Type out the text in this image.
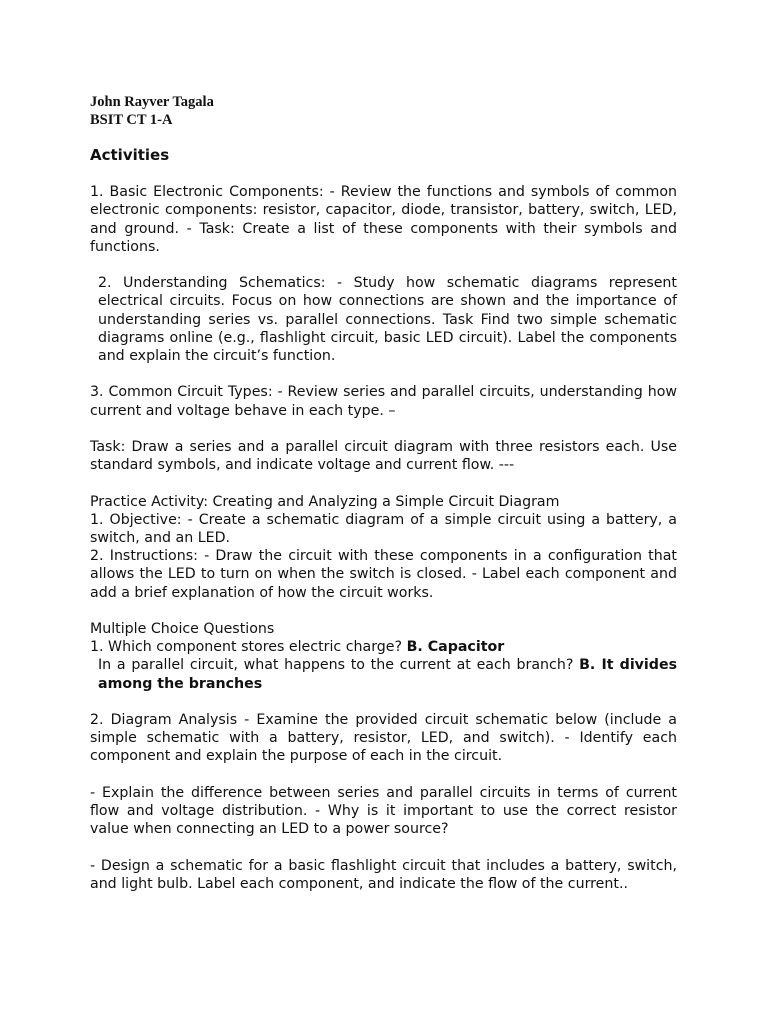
John Rayver Tagala

BSIT CT 1-A

Activities

1. Basic Electronic Components: - Review the functions and symbols of common electronic components: resistor, capacitor, diode, transistor, battery, switch, LED, and ground. - Task: Create a list of these components with their symbols and functions.

2. Understanding Schematics: - Study how schematic diagrams represent electrical circuits. Focus on how connections are shown and the importance of understanding series vs. parallel connections. Task Find two simple schematic diagrams online (e.g., flashlight circuit, basic LED circuit). Label the components and explain the circuit’s function.

3. Common Circuit Types: - Review series and parallel circuits, understanding how current and voltage behave in each type. –

Task: Draw a series and a parallel circuit diagram with three resistors each. Use standard symbols, and indicate voltage and current flow. ---

Practice Activity: Creating and Analyzing a Simple Circuit Diagram

1. Objective: - Create a schematic diagram of a simple circuit using a battery, a switch, and an LED.

2. Instructions: - Draw the circuit with these components in a configuration that allows the LED to turn on when the switch is closed. - Label each component and add a brief explanation of how the circuit works.

Multiple Choice Questions

1. Which component stores electric charge? B. Capacitor

In a parallel circuit, what happens to the current at each branch? B. It divides among the branches

2. Diagram Analysis - Examine the provided circuit schematic below (include a simple schematic with a battery, resistor, LED, and switch). - Identify each component and explain the purpose of each in the circuit.

- Explain the difference between series and parallel circuits in terms of current flow and voltage distribution. - Why is it important to use the correct resistor value when connecting an LED to a power source?

- Design a schematic for a basic flashlight circuit that includes a battery, switch, and light bulb. Label each component, and indicate the flow of the current..
